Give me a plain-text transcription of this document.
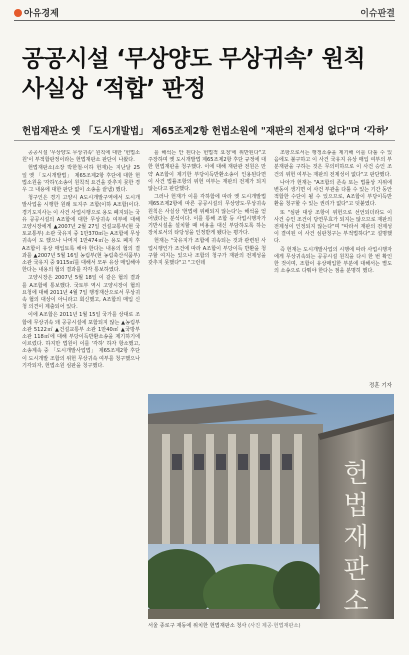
아유경제	이슈판결
공공시설 ‘무상양도 무상귀속’ 원칙
사실상 ‘적합’ 판정
헌법재판소 옛 「도시개발법」 제65조제2항 헌법소원에 "재판의 전제성 없다"며 ‘각하’

공공시설 '무상양도 무상귀속' 원칙에 대한 '헌법소원'이 부적합판정이라는 헌법재판소 판단이 나왔다.

헌법재판소(소장 박한철·이하 헌재)는 지난달 25일 옛 「도시개발법」 제65조제2항 후단에 대한 헌법소원을 '각하'(소송이 원칙적 요건을 갖추지 못한 경우 그 내용에 대한 판단 없이 소송을 끝냄) 했다.

청구인은 경기 고양시 A도시개발구역에서 도시개발사업을 시행한 원래 토지주 조합(이하 A조합)이다. 경기도지사는 이 사건 사업시행으로 용도 폐지되는 국유 공공시설의 A조합에 대한 무상귀속 여부에 대해 고양시장에게 ▲2007년 2월 27일 건설교통부(현 국토교통부) 소관 국유지 중 1만370㎡는 A조합에 무상 귀속이 도 했으나 나머지 1만474㎡는 용도 폐지 후 A조합이 유상 매입토록 해야 한다는 내용의 협의 결과를 ▲2007년 5월 16일 농림부(현 농림축산식품부) 소관 국유지 중 9115㎡를 대해서 모두 유상 매입해야 한다는 내용의 협의 결과를 각각 통보하였다.

고양시장은 2007년 5월 18일 이 같은 협의 결과를 A조합에 통보했다. 국토부 역시 고양시장이 협의 요청에 대해 2011년 4월 7일 행정재산으로서 무상귀속 협의 대상이 아니라고 회신했고, A조합의 매입 신청 의견이 제출되어 있다.

이에 A조합은 2011년 1월 15일 국가를 상대로 조합에 무상귀속 돼 공공시설에 포함되지 않는 ▲농림부 소관 5122㎡ ▲건설교통부 소관 1만40㎡ ▲국방부 소관 118㎡에 대해 부당이득반환소송을 제기하기에 이르렀다. 하지만 법원이 이를 '각하' 하자 항소했고, 소송계속 중 「도시개발사업법」 제65조제2항 후단이 도시개발 조합의 위헌 무상귀속 여부를 청구했으나 기각되자, 헌법소원 심판을 청구했다.

를 해석는 안 된다는 헌법적 요청'에 위반된다"고 주장하며 옛 도시개발법 제65조제2항 후단 규정에 대한 헌법재판을 청구했다. 이에 대해 재판관 전원은 만약 A조합이 제기한 부당이득반환소송이 인용된다면 이 사건 법률조항의 위헌 여부는 재판의 전제가 되지 않는다고 판단했다.

그러나 헌재가 이를 각하함에 따라 옛 도시개발법 제65조제2항에 따른 공공시설의 무상양도·무상귀속 원칙은 사실상 '헌법에 위배되지 않는다'는 해석을 얻어냈다는 분석이다. 이를 통해 조합 등 사업시행자가 기반시설을 설치할 때 비용을 대신 부담하도록 하는 장치로서의 타당성을 인정받게 됐다는 평가다.

헌재는 "국유지가 조합에 귀속되는 것과 관련된 사업시행인가 조건에 따라 A조합이 부당이득 반환을 청구할 여지는 있으나 조합의 청구가 재판의 전제성을 갖추지 못했다"고 "그런데

조항으로서는 행정소송을 제기해 이를 다툴 수 있음에도 불구하고 이 사건 국유지 유상 매입 여부의 부분재판을 구하는 것은 무의미하므로 이 사건 승인 조건의 위헌 여부는 재판의 전제성이 없다"고 판단했다.

나아가 헌재는 "A조합의 존속 또는 법률상 지위에 변동이 생기면 이 사건 부관을 다툴 수 있는 기간 동안 적합한 수단이 될 수 있으므로, A조합이 부당이득반환을 청구할 수 있는 권리가 없다"고 덧붙였다.

또 "심판 대상 조항이 위헌으로 선언되더라도 이 사건 승인 조건이 당연무효가 되지는 않으므로 재판의 전제성이 인정되지 않는다"며 "따라서 재판의 전제성이 결여된 이 사건 심판청구는 부적법하다"고 설명했다.

즉 헌재는 도시개발사업의 시행에 따라 사업시행자에게 무상귀속되는 공공시설 원칙을 다시 한 번 확인한 것이며, 조합이 유상매입한 부분에 대해서는 별도의 소송으로 다퉈야 한다는 점을 분명히 했다.

정훈 기자
헌
법
재
판
소
서울 종로구 재동에 위치한 헌법재판소 청사 (사진 제공·헌법재판소)
